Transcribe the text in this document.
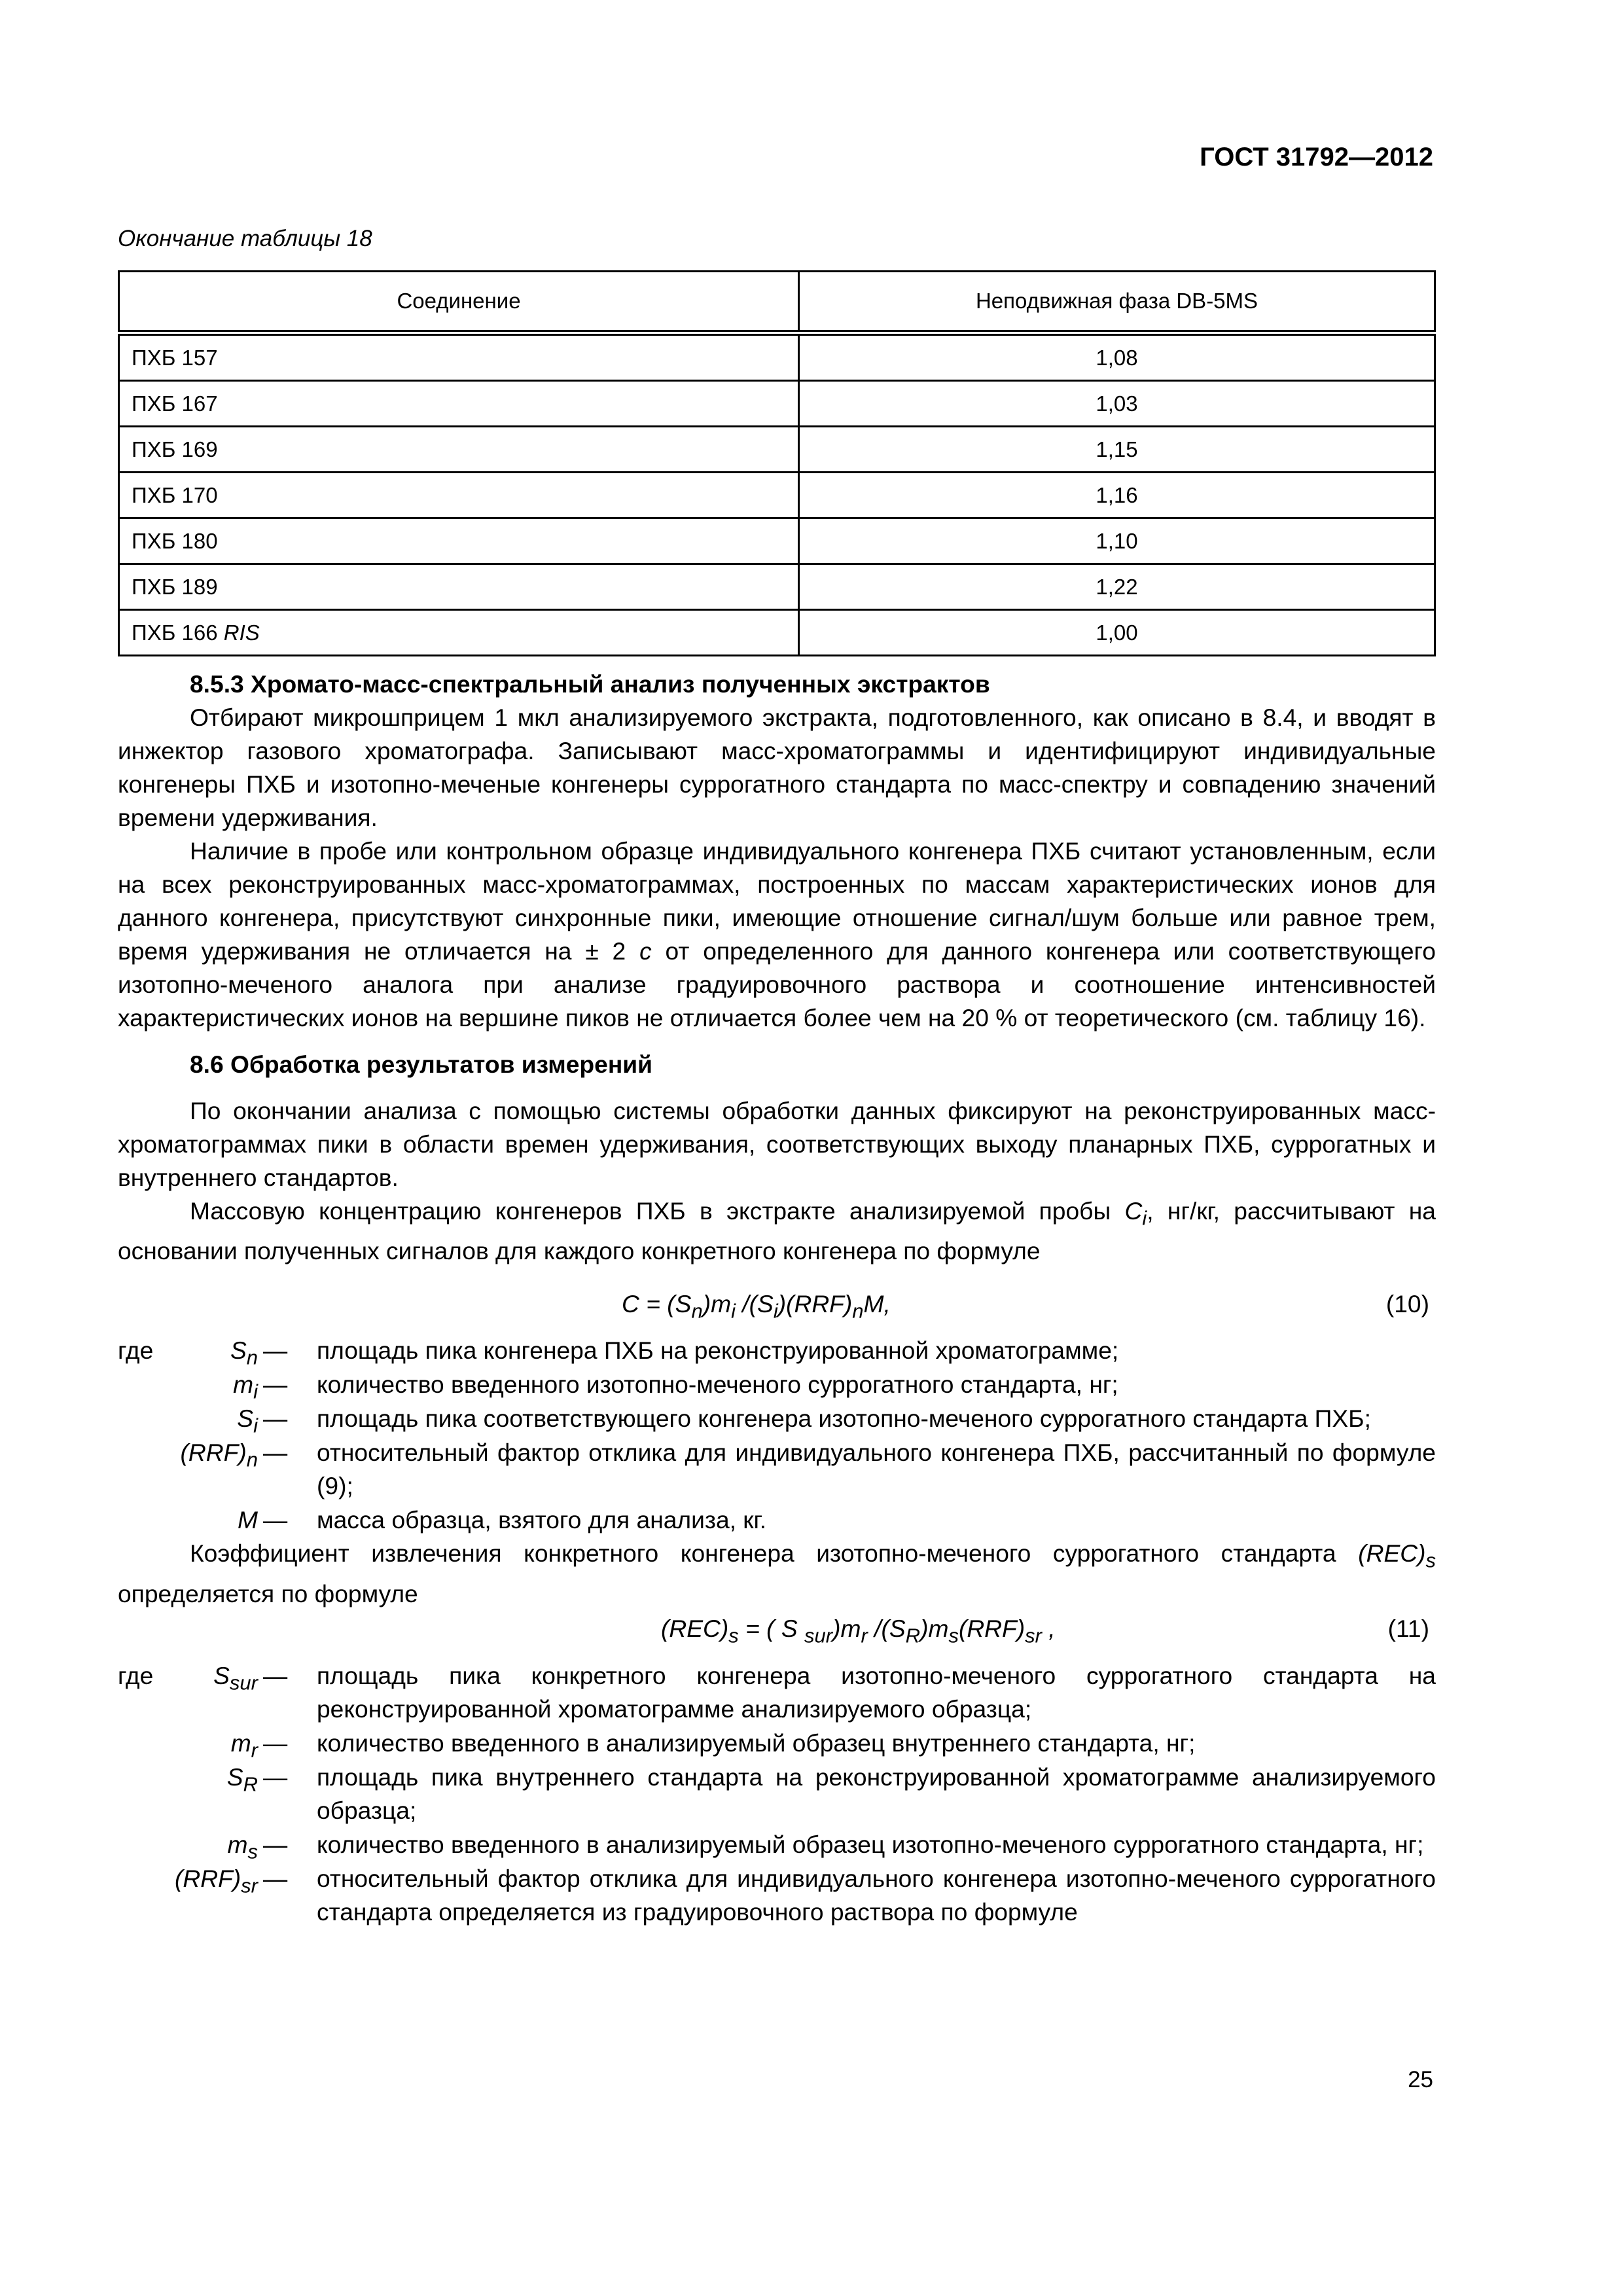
ГОСТ 31792—2012
Окончание таблицы 18
Соединение	Неподвижная фаза DB-5MS
ПХБ 157	1,08
ПХБ 167	1,03
ПХБ 169	1,15
ПХБ 170	1,16
ПХБ 180	1,10
ПХБ 189	1,22
ПХБ 166 RIS	1,00

8.5.3 Хромато-масс-спектральный анализ полученных экстрактов

Отбирают микрошприцем 1 мкл анализируемого экстракта, подготовленного, как описано в 8.4, и вводят в инжектор газового хроматографа. Записывают масс-хроматограммы и идентифицируют индивидуальные конгенеры ПХБ и изотопно-меченые конгенеры суррогатного стандарта по масс-спектру и совпадению значений времени удерживания.

Наличие в пробе или контрольном образце индивидуального конгенера ПХБ считают установленным, если на всех реконструированных масс-хроматограммах, построенных по массам характеристических ионов для данного конгенера, присутствуют синхронные пики, имеющие отношение сигнал/шум больше или равное трем, время удерживания не отличается на ± 2 с от определенного для данного конгенера или соответствующего изотопно-меченого аналога при анализе градуировочного раствора и соотношение интенсивностей характеристических ионов на вершине пиков не отличается более чем на 20 % от теоретического (см. таблицу 16).

8.6 Обработка результатов измерений

По окончании анализа с помощью системы обработки данных фиксируют на реконструированных масс-хроматограммах пики в области времен удерживания, соответствующих выходу планарных ПХБ, суррогатных и внутреннего стандартов.

Массовую концентрацию конгенеров ПХБ в экстракте анализируемой пробы $C_i$, нг/кг, рассчитывают на основании полученных сигналов для каждого конкретного конгенера по формуле

$C = (S_n)m_i$ $/(S_i)(RRF)_nM$,	(10)
где	$S_n$ —	площадь пика конгенера ПХБ на реконструированной хроматограмме;
$m_i$ —	количество введенного изотопно-меченого суррогатного стандарта, нг;
$S_i$ —	площадь пика соответствующего конгенера изотопно-меченого суррогатного стандарта ПХБ;
$(RRF)_n$ —	относительный фактор отклика для индивидуального конгенера ПХБ, рассчитанный по формуле (9);
M —	масса образца, взятого для анализа, кг.

Коэффициент извлечения конкретного конгенера изотопно-меченого суррогатного стандарта $(REC)_s$ определяется по формуле

$(REC)_s$ = ( S $_{sur})m_r$ $/(S_R)m_s(RRF)_{sr}$ ,	(11)
где $S_{sur}$ —	площадь пика конкретного конгенера изотопно-меченого суррогатного стандарта на реконструированной хроматограмме анализируемого образца;
$m_r$ —	количество введенного в анализируемый образец внутреннего стандарта, нг;
$S_R$ —	площадь пика внутреннего стандарта на реконструированной хроматограмме анализируемого образца;
$m_s$ —	количество введенного в анализируемый образец изотопно-меченого суррогатного стандарта, нг;
$(RRF)_{sr}$ —	относительный фактор отклика для индивидуального конгенера изотопно-меченого суррогатного стандарта определяется из градуировочного раствора по формуле
25
